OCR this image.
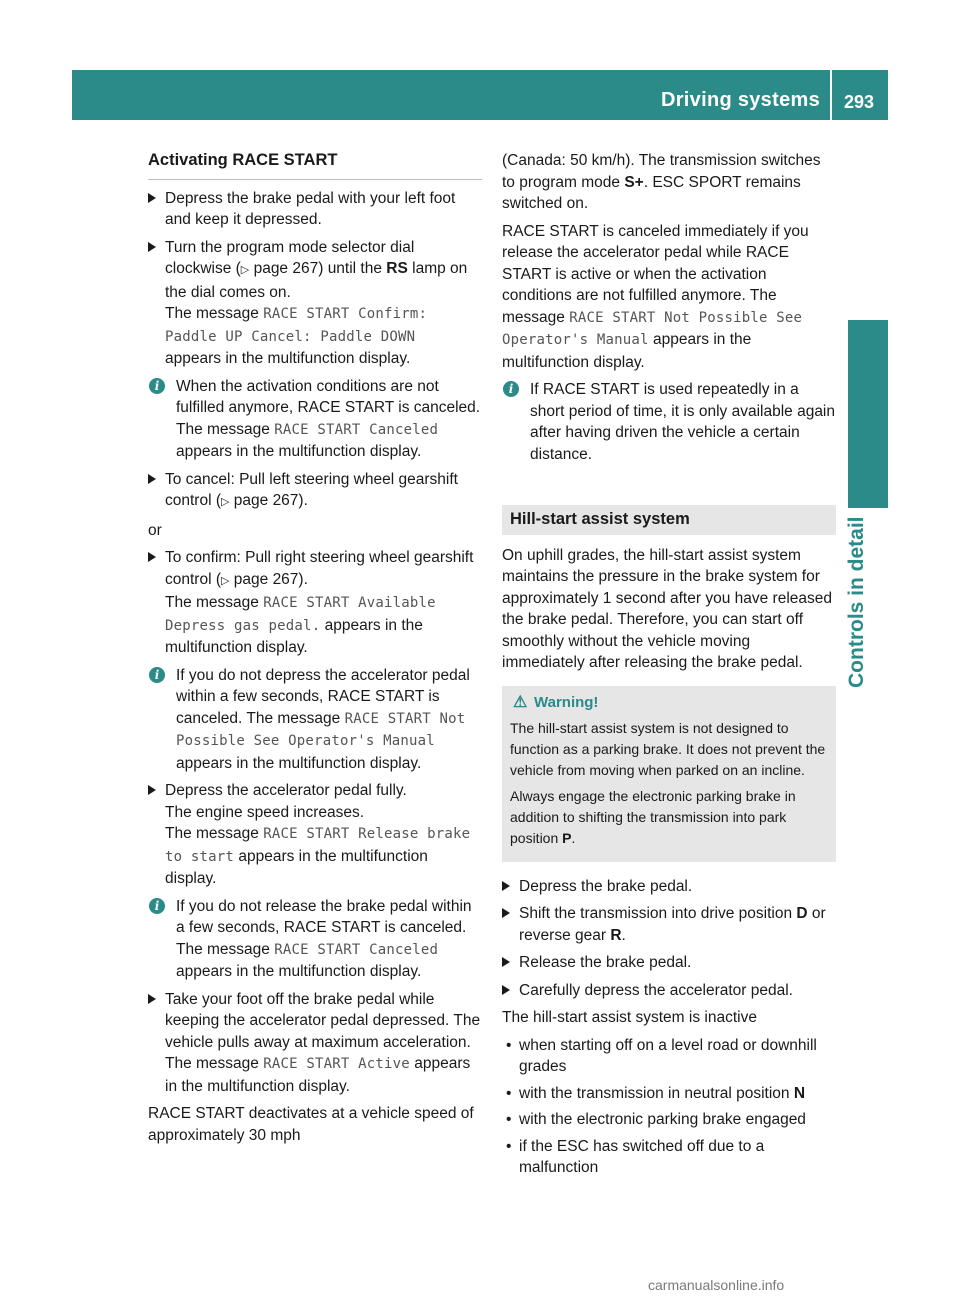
Driving systems 293
Controls in detail
Activating RACE START
Depress the brake pedal with your left foot and keep it depressed.
Turn the program mode selector dial clockwise (▷ page 267) until the RS lamp on the dial comes on.
The message RACE START Confirm: Paddle UP Cancel: Paddle DOWN
appears in the multifunction display.
i	When the activation conditions are not fulfilled anymore, RACE START is canceled. The message RACE START Canceled appears in the multifunction display.
To cancel: Pull left steering wheel gearshift control (▷ page 267).

or

To confirm: Pull right steering wheel gearshift control (▷ page 267).
The message RACE START Available Depress gas pedal. appears in the multifunction display.
i	If you do not depress the accelerator pedal within a few seconds, RACE START is canceled. The message RACE START Not Possible See Operator's Manual appears in the multifunction display.
Depress the accelerator pedal fully.
The engine speed increases.
The message RACE START Release brake to start appears in the multifunction display.
i	If you do not release the brake pedal within a few seconds, RACE START is canceled. The message RACE START Canceled appears in the multifunction display.
Take your foot off the brake pedal while keeping the accelerator pedal depressed. The vehicle pulls away at maximum acceleration.
The message RACE START Active appears in the multifunction display.

RACE START deactivates at a vehicle speed of approximately 30 mph

(Canada: 50 km/h). The transmission switches to program mode S+. ESC SPORT remains switched on.

RACE START is canceled immediately if you release the accelerator pedal while RACE START is active or when the activation conditions are not fulfilled anymore. The message RACE START Not Possible See Operator's Manual appears in the multifunction display.

i	If RACE START is used repeatedly in a short period of time, it is only available again after having driven the vehicle a certain distance.
Hill-start assist system

On uphill grades, the hill-start assist system maintains the pressure in the brake system for approximately 1 second after you have released the brake pedal. Therefore, you can start off smoothly without the vehicle moving immediately after releasing the brake pedal.

⚠ Warning!

The hill-start assist system is not designed to function as a parking brake. It does not prevent the vehicle from moving when parked on an incline.

Always engage the electronic parking brake in addition to shifting the transmission into park position P.

Depress the brake pedal.
Shift the transmission into drive position D or reverse gear R.
Release the brake pedal.
Carefully depress the accelerator pedal.

The hill-start assist system is inactive

• when starting off on a level road or downhill grades
• with the transmission in neutral position N
• with the electronic parking brake engaged
• if the ESC has switched off due to a malfunction
carmanualsonline.info
